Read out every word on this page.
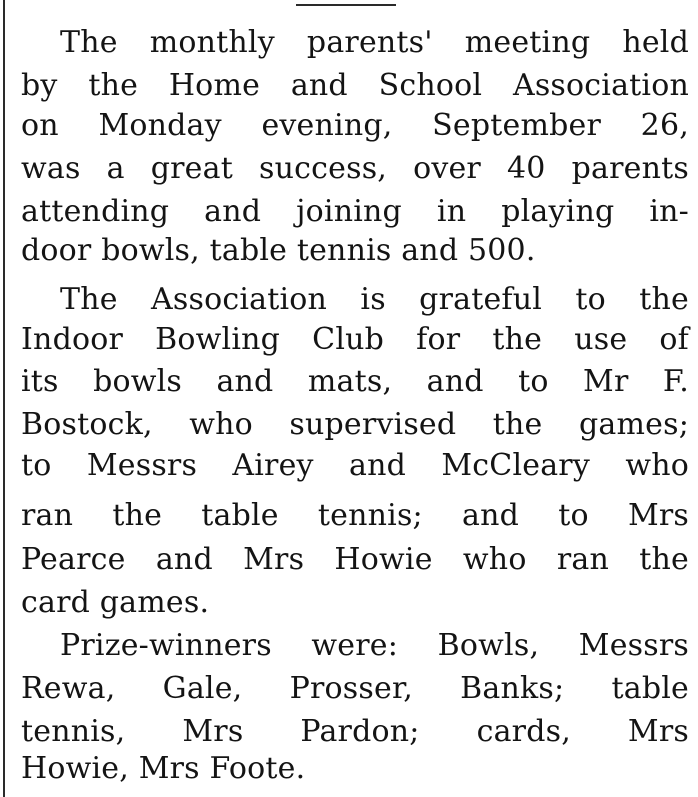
The monthly parents' meeting held
by the Home and School Association
on Monday evening, September 26,
was a great success, over 40 parents
attending and joining in playing in-
door bowls, table tennis and 500.
The Association is grateful to the
Indoor Bowling Club for the use of
its bowls and mats, and to Mr F.
Bostock, who supervised the games;
to Messrs Airey and McCleary who
ran the table tennis; and to Mrs
Pearce and Mrs Howie who ran the
card games.
Prize-winners were: Bowls, Messrs
Rewa, Gale, Prosser, Banks; table
tennis, Mrs Pardon; cards, Mrs
Howie, Mrs Foote.
